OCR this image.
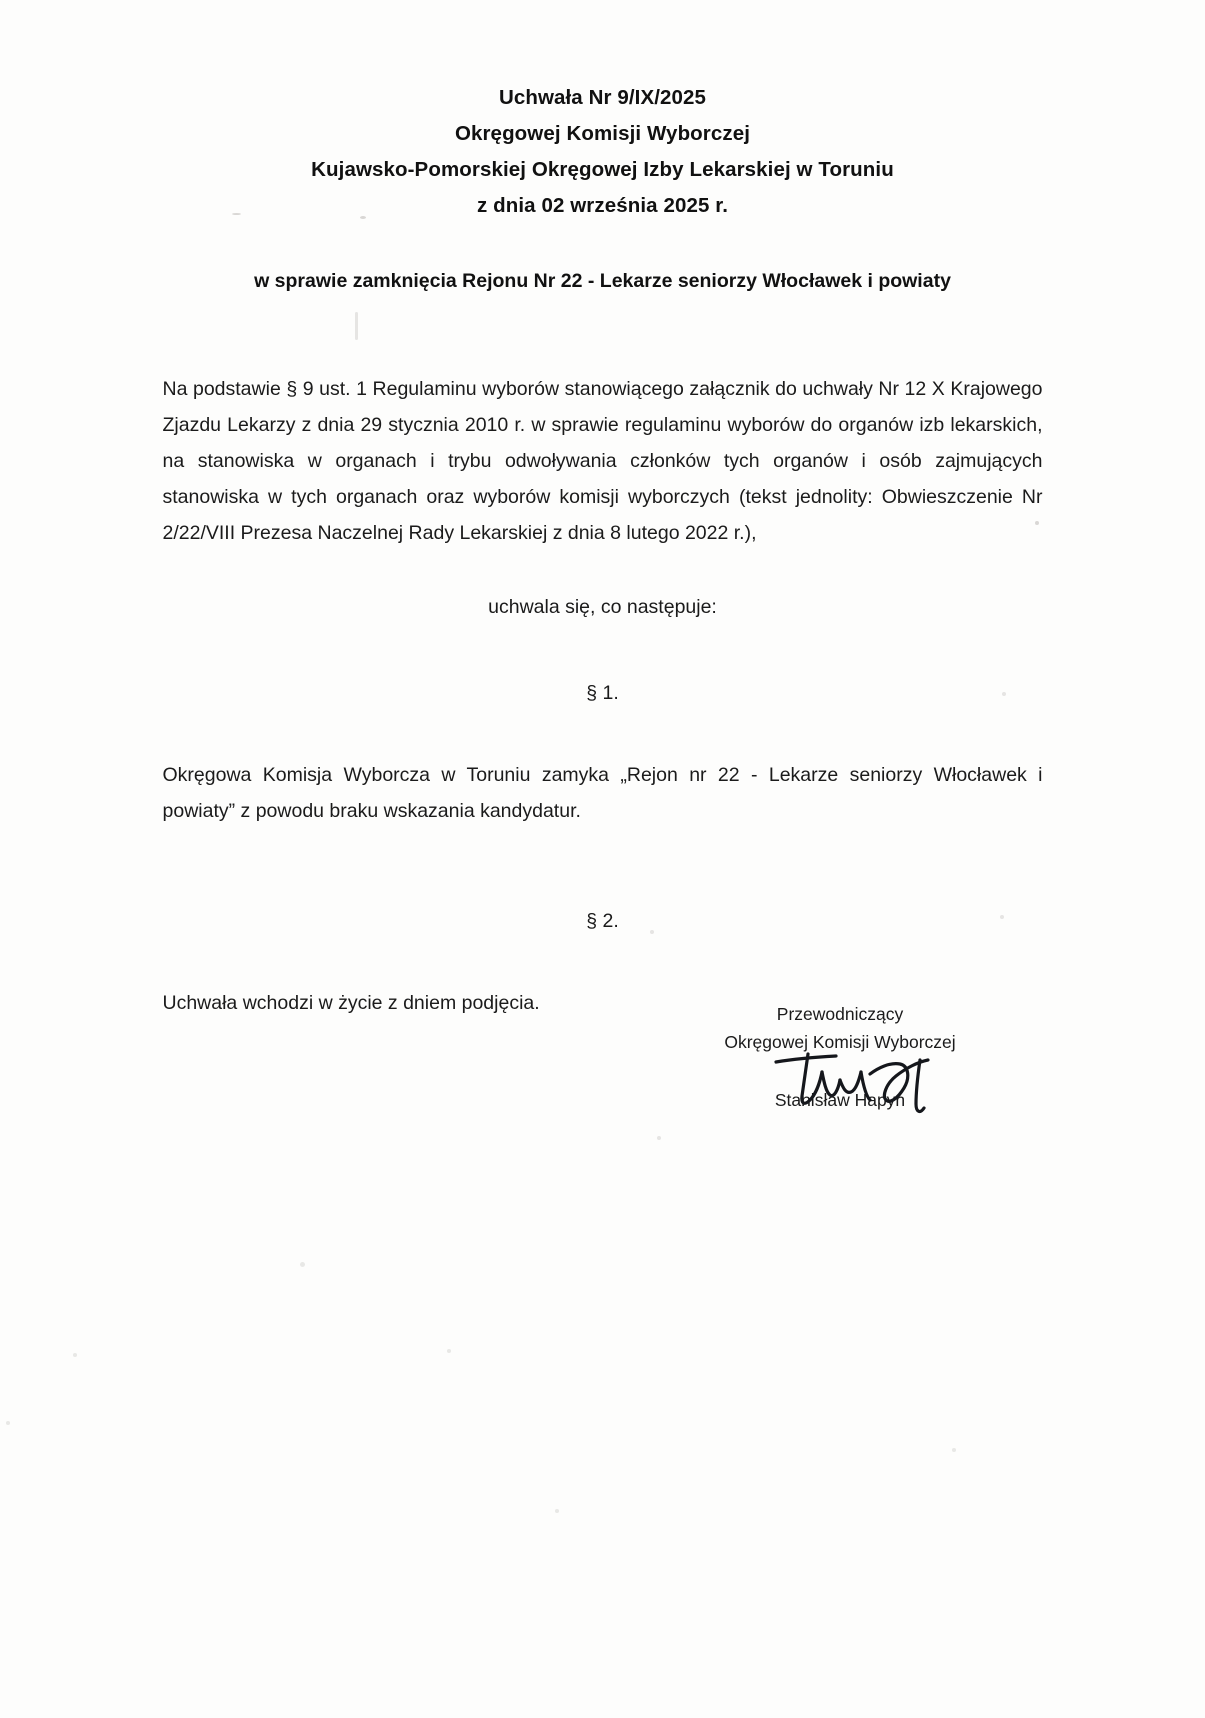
Uchwała Nr 9/IX/2025
Okręgowej Komisji Wyborczej
Kujawsko-Pomorskiej Okręgowej Izby Lekarskiej w Toruniu
z dnia 02 września 2025 r.
w sprawie zamknięcia Rejonu Nr 22 - Lekarze seniorzy Włocławek i powiaty
Na podstawie § 9 ust. 1 Regulaminu wyborów stanowiącego załącznik do uchwały Nr 12 X Krajowego Zjazdu Lekarzy z dnia 29 stycznia 2010 r. w sprawie regulaminu wyborów do organów izb lekarskich, na stanowiska w organach i trybu odwoływania członków tych organów i osób zajmujących stanowiska w tych organach oraz wyborów komisji wyborczych (tekst jednolity: Obwieszczenie Nr 2/22/VIII Prezesa Naczelnej Rady Lekarskiej z dnia 8 lutego 2022 r.),
uchwala się, co następuje:
§ 1.
Okręgowa Komisja Wyborcza w Toruniu zamyka „Rejon nr 22 - Lekarze seniorzy Włocławek i powiaty” z powodu braku wskazania kandydatur.
§ 2.
Uchwała wchodzi w życie z dniem podjęcia.	Przewodniczący
Okręgowej Komisji Wyborczej
Stanisław Hapyn
